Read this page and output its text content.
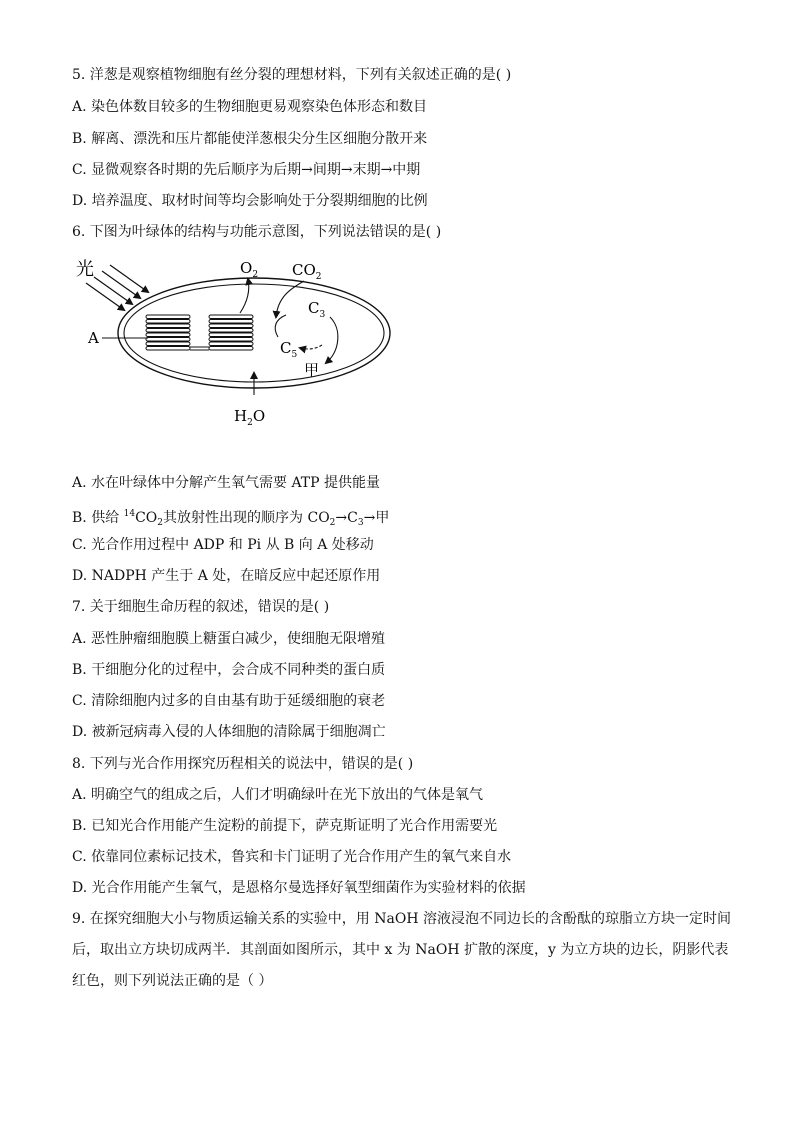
5. 洋葱是观察植物细胞有丝分裂的理想材料，下列有关叙述正确的是( )
A. 染色体数目较多的生物细胞更易观察染色体形态和数目
B. 解离、漂洗和压片都能使洋葱根尖分生区细胞分散开来
C. 显微观察各时期的先后顺序为后期→间期→末期→中期
D. 培养温度、取材时间等均会影响处于分裂期细胞的比例
6. 下图为叶绿体的结构与功能示意图，下列说法错误的是( )
光
A
$O_2$ $CO_2$
$C_3$
$C_5$
甲
$H_2O$
A. 水在叶绿体中分解产生氧气需要 ATP 提供能量
B. 供给 $^{14}CO_2$其放射性出现的顺序为 $CO_2\to C_3\to$甲
C. 光合作用过程中 ADP 和 Pi 从 B 向 A 处移动
D. NADPH 产生于 A 处，在暗反应中起还原作用
7. 关于细胞生命历程的叙述，错误的是( )
A. 恶性肿瘤细胞膜上糖蛋白减少，使细胞无限增殖
B. 干细胞分化的过程中，会合成不同种类的蛋白质
C. 清除细胞内过多的自由基有助于延缓细胞的衰老
D. 被新冠病毒入侵的人体细胞的清除属于细胞凋亡
8. 下列与光合作用探究历程相关的说法中，错误的是( )
A. 明确空气的组成之后，人们才明确绿叶在光下放出的气体是氧气
B. 已知光合作用能产生淀粉的前提下，萨克斯证明了光合作用需要光
C. 依靠同位素标记技术，鲁宾和卡门证明了光合作用产生的氧气来自水
D. 光合作用能产生氧气，是恩格尔曼选择好氧型细菌作为实验材料的依据
9. 在探究细胞大小与物质运输关系的实验中，用 NaOH 溶液浸泡不同边长的含酚酞的琼脂立方块一定时间
后，取出立方块切成两半．其剖面如图所示，其中 x 为 NaOH 扩散的深度，y 为立方块的边长，阴影代表
红色，则下列说法正确的是（ ）
